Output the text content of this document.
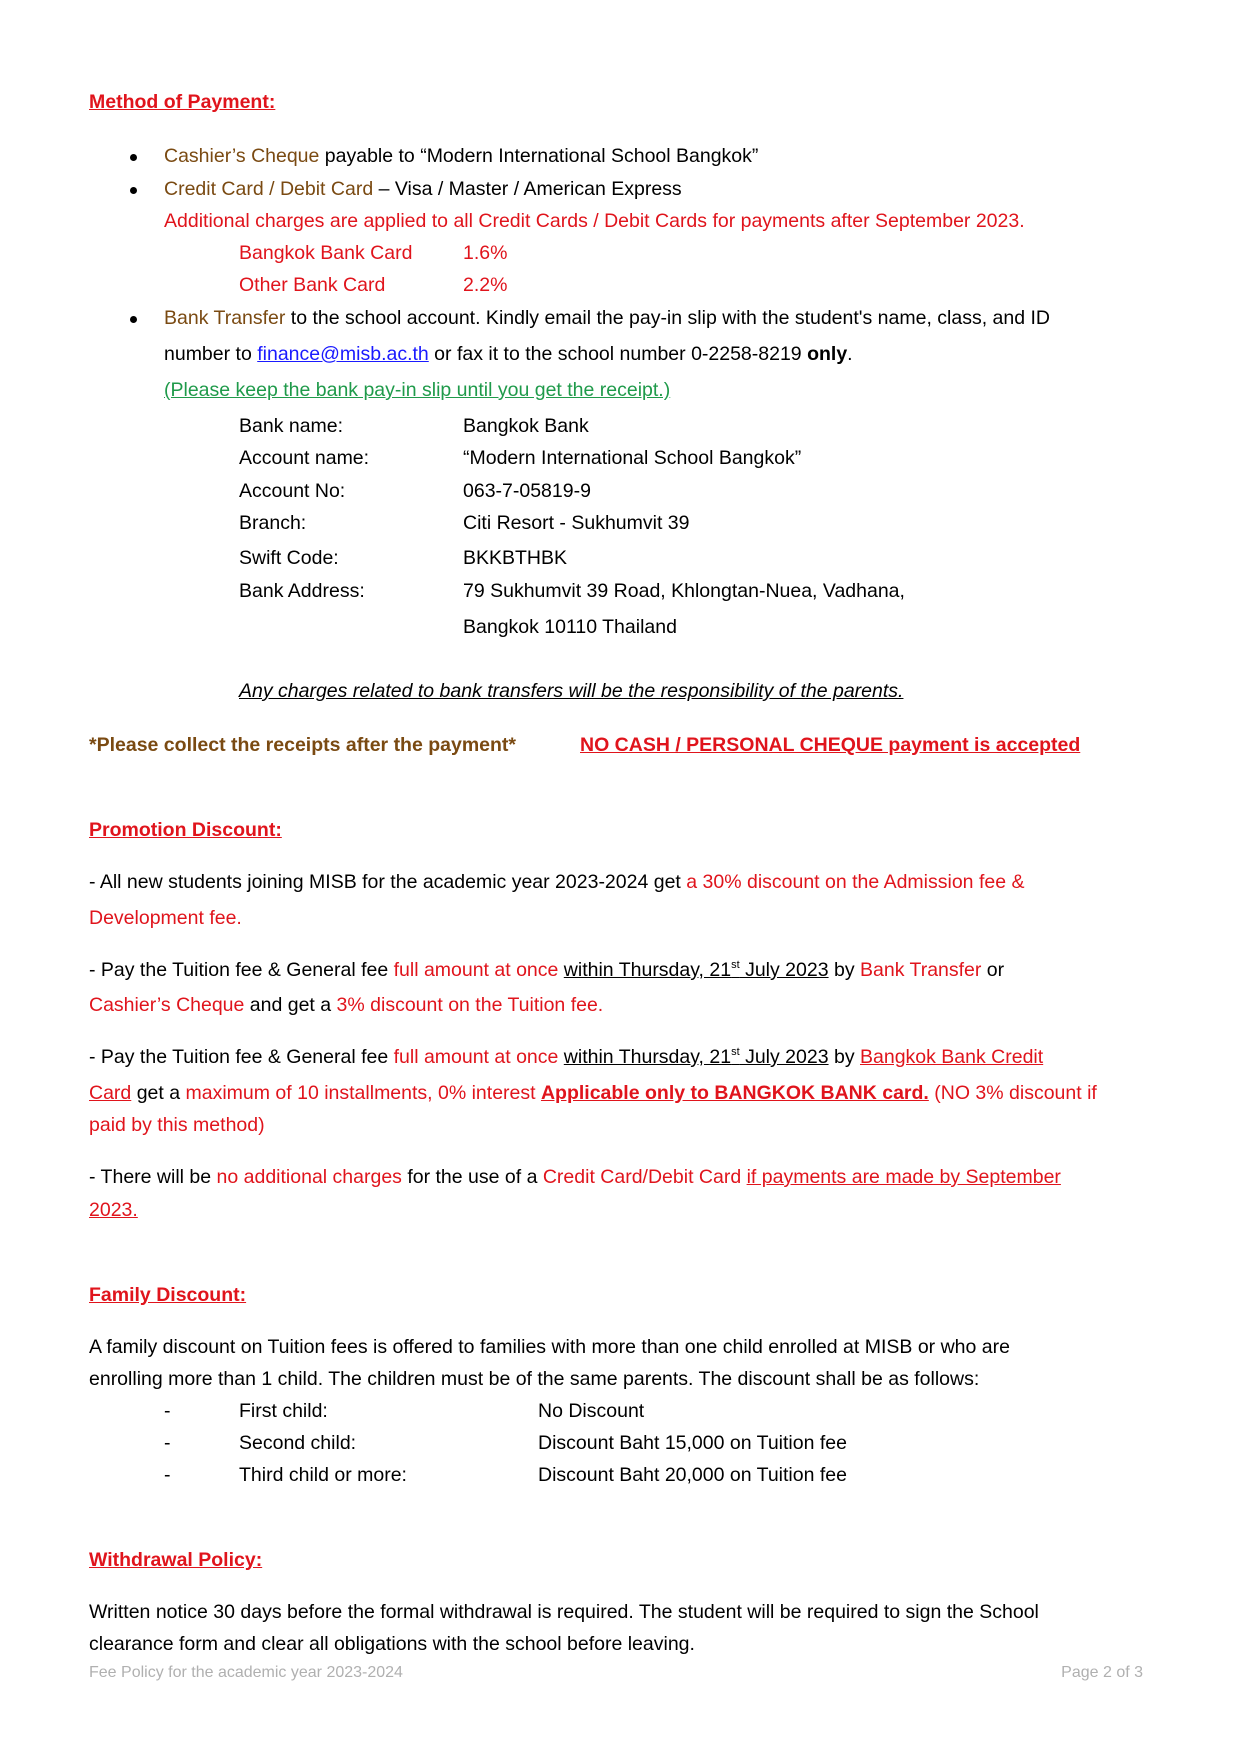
Method of Payment:
Cashier’s Cheque payable to “Modern International School Bangkok”
Credit Card / Debit Card – Visa / Master / American Express
Additional charges are applied to all Credit Cards / Debit Cards for payments after September 2023.
Bangkok Bank Card	1.6%
Other Bank Card	2.2%
Bank Transfer to the school account. Kindly email the pay-in slip with the student's name, class, and ID
number to finance@misb.ac.th or fax it to the school number 0-2258-8219 only.
(Please keep the bank pay-in slip until you get the receipt.)
Bank name:	Bangkok Bank
Account name:	“Modern International School Bangkok”
Account No:	063-7-05819-9
Branch:	Citi Resort - Sukhumvit 39
Swift Code:	BKKBTHBK
Bank Address:	79 Sukhumvit 39 Road, Khlongtan-Nuea, Vadhana,
Bangkok 10110 Thailand
Any charges related to bank transfers will be the responsibility of the parents.
*Please collect the receipts after the payment*	NO CASH / PERSONAL CHEQUE payment is accepted
Promotion Discount:
- All new students joining MISB for the academic year 2023-2024 get a 30% discount on the Admission fee &
Development fee.
- Pay the Tuition fee & General fee full amount at once within Thursday, 21st July 2023 by Bank Transfer or
Cashier’s Cheque and get a 3% discount on the Tuition fee.
- Pay the Tuition fee & General fee full amount at once within Thursday, 21st July 2023 by Bangkok Bank Credit
Card get a maximum of 10 installments, 0% interest Applicable only to BANGKOK BANK card. (NO 3% discount if
paid by this method)
- There will be no additional charges for the use of a Credit Card/Debit Card if payments are made by September
2023.
Family Discount:
A family discount on Tuition fees is offered to families with more than one child enrolled at MISB or who are
enrolling more than 1 child. The children must be of the same parents. The discount shall be as follows:
-	First child:	No Discount
-	Second child:	Discount Baht 15,000 on Tuition fee
-	Third child or more:	Discount Baht 20,000 on Tuition fee
Withdrawal Policy:
Written notice 30 days before the formal withdrawal is required. The student will be required to sign the School
clearance form and clear all obligations with the school before leaving.
Fee Policy for the academic year 2023-2024	Page 2 of 3
